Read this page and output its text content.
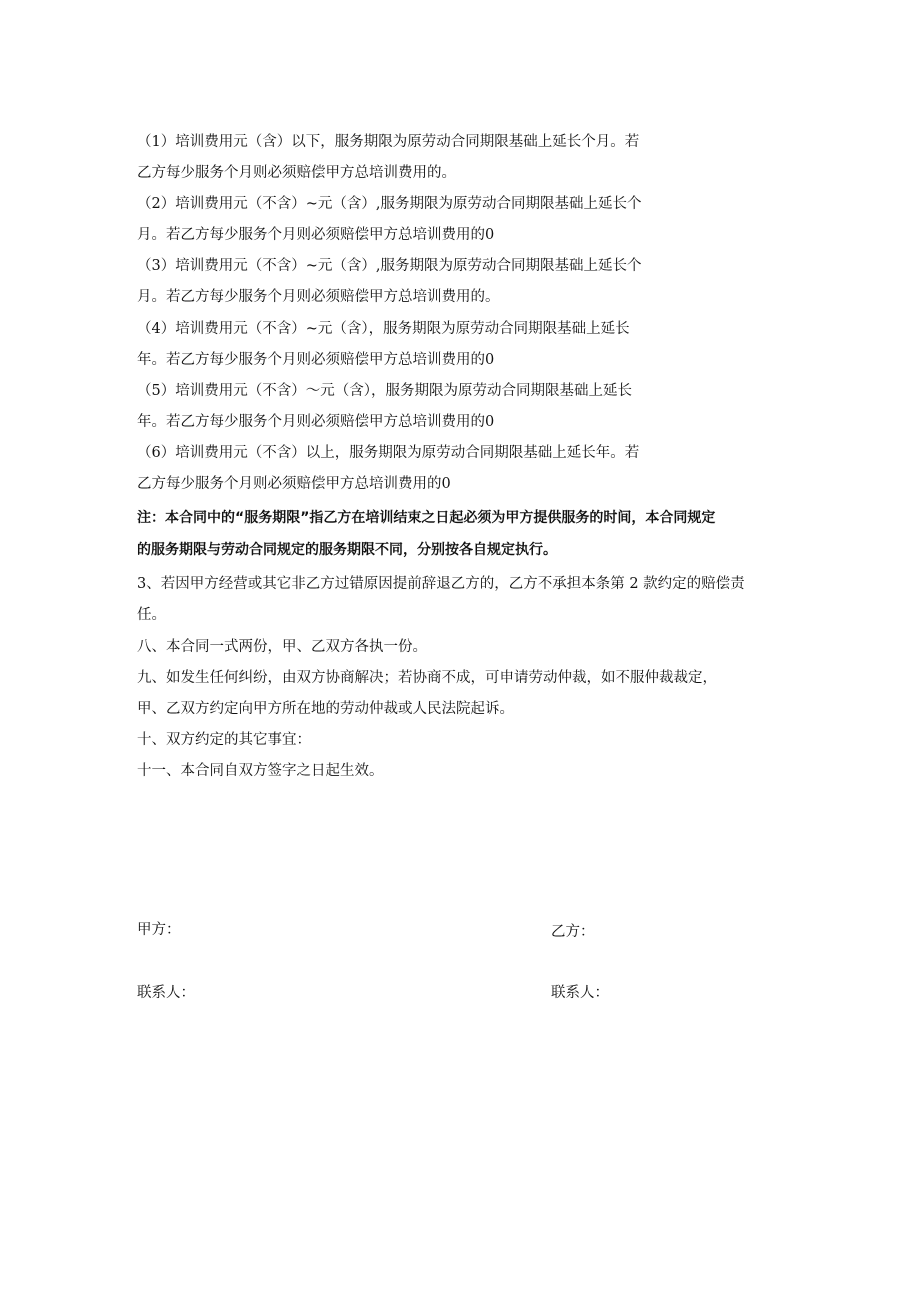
（1）培训费用元（含）以下，服务期限为原劳动合同期限基础上延长个月。若
乙方每少服务个月则必须赔偿甲方总培训费用的。
（2）培训费用元（不含）~元（含）,服务期限为原劳动合同期限基础上延长个
月。若乙方每少服务个月则必须赔偿甲方总培训费用的0
（3）培训费用元（不含）~元（含）,服务期限为原劳动合同期限基础上延长个
月。若乙方每少服务个月则必须赔偿甲方总培训费用的。
（4）培训费用元（不含）~元（含），服务期限为原劳动合同期限基础上延长
年。若乙方每少服务个月则必须赔偿甲方总培训费用的0
（5）培训费用元（不含）～元（含），服务期限为原劳动合同期限基础上延长
年。若乙方每少服务个月则必须赔偿甲方总培训费用的0
（6）培训费用元（不含）以上，服务期限为原劳动合同期限基础上延长年。若
乙方每少服务个月则必须赔偿甲方总培训费用的0
注：本合同中的“服务期限”指乙方在培训结束之日起必须为甲方提供服务的时间，本合同规定
的服务期限与劳动合同规定的服务期限不同，分别按各自规定执行。
3、若因甲方经营或其它非乙方过错原因提前辞退乙方的，乙方不承担本条第 2 款约定的赔偿责
任。
八、本合同一式两份，甲、乙双方各执一份。
九、如发生任何纠纷，由双方协商解决；若协商不成，可申请劳动仲裁，如不服仲裁裁定，
甲、乙双方约定向甲方所在地的劳动仲裁或人民法院起诉。
十、双方约定的其它事宜：
十一、本合同自双方签字之日起生效。
甲方：	乙方：
联系人：	联系人：
